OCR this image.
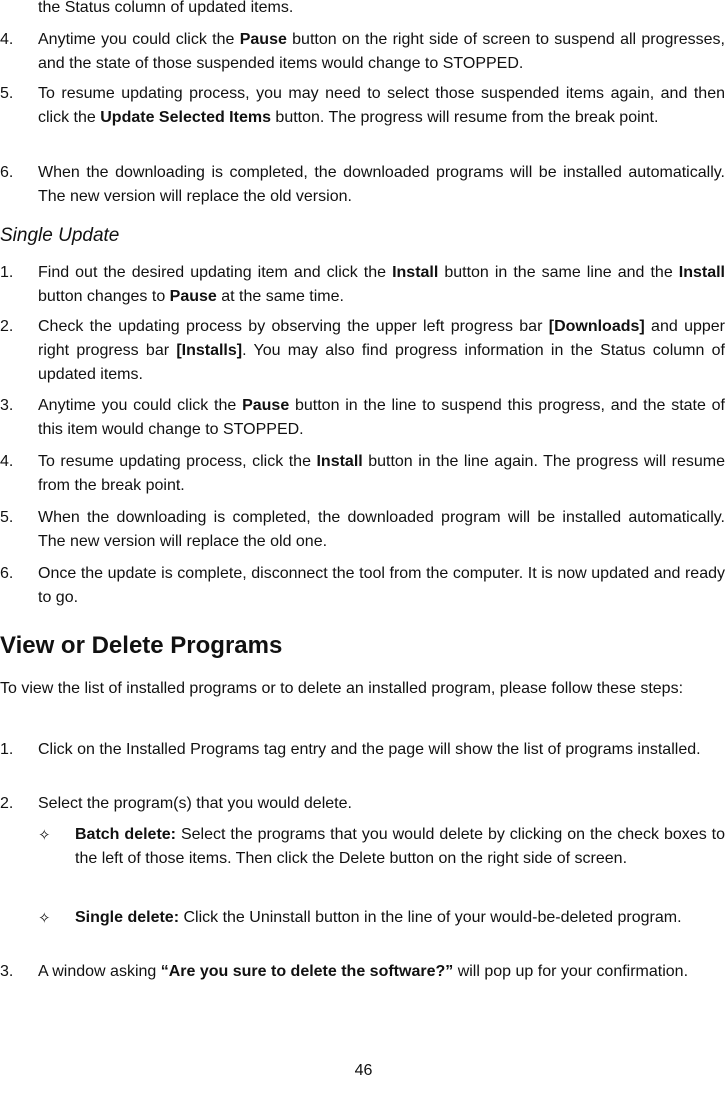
the Status column of updated items.

4. Anytime you could click the Pause button on the right side of screen to suspend all progresses, and the state of those suspended items would change to STOPPED.
5. To resume updating process, you may need to select those suspended items again, and then click the Update Selected Items button. The progress will resume from the break point.
6. When the downloading is completed, the downloaded programs will be installed automatically. The new version will replace the old version.
Single Update
1. Find out the desired updating item and click the Install button in the same line and the Install button changes to Pause at the same time.
2. Check the updating process by observing the upper left progress bar [Downloads] and upper right progress bar [Installs]. You may also find progress information in the Status column of updated items.
3. Anytime you could click the Pause button in the line to suspend this progress, and the state of this item would change to STOPPED.
4. To resume updating process, click the Install button in the line again. The progress will resume from the break point.
5. When the downloading is completed, the downloaded program will be installed automatically. The new version will replace the old one.
6. Once the update is complete, disconnect the tool from the computer. It is now updated and ready to go.
View or Delete Programs

To view the list of installed programs or to delete an installed program, please follow these steps:

1. Click on the Installed Programs tag entry and the page will show the list of programs installed.
2. Select the program(s) that you would delete.
✧ Batch delete: Select the programs that you would delete by clicking on the check boxes to the left of those items. Then click the Delete button on the right side of screen.
✧ Single delete: Click the Uninstall button in the line of your would-be-deleted program.
3. A window asking “Are you sure to delete the software?” will pop up for your confirmation.
46
